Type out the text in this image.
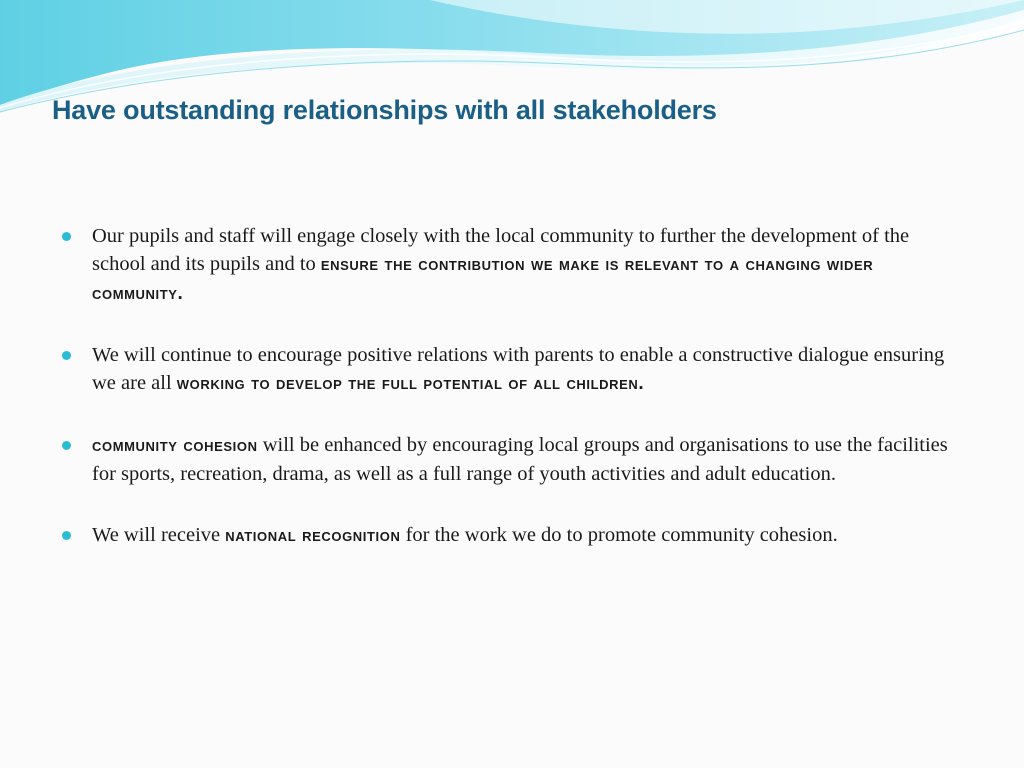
Have outstanding relationships with all stakeholders
Our pupils and staff will engage closely with the local community to further the development of the school and its pupils and to ensure the contribution we make is relevant to a changing wider community.
We will continue to encourage positive relations with parents to enable a constructive dialogue ensuring we are all working to develop the full potential of all children.
community cohesion will be enhanced by encouraging local groups and organisations to use the facilities for sports, recreation, drama, as well as a full range of youth activities and adult education.
We will receive national recognition for the work we do to promote community cohesion.
